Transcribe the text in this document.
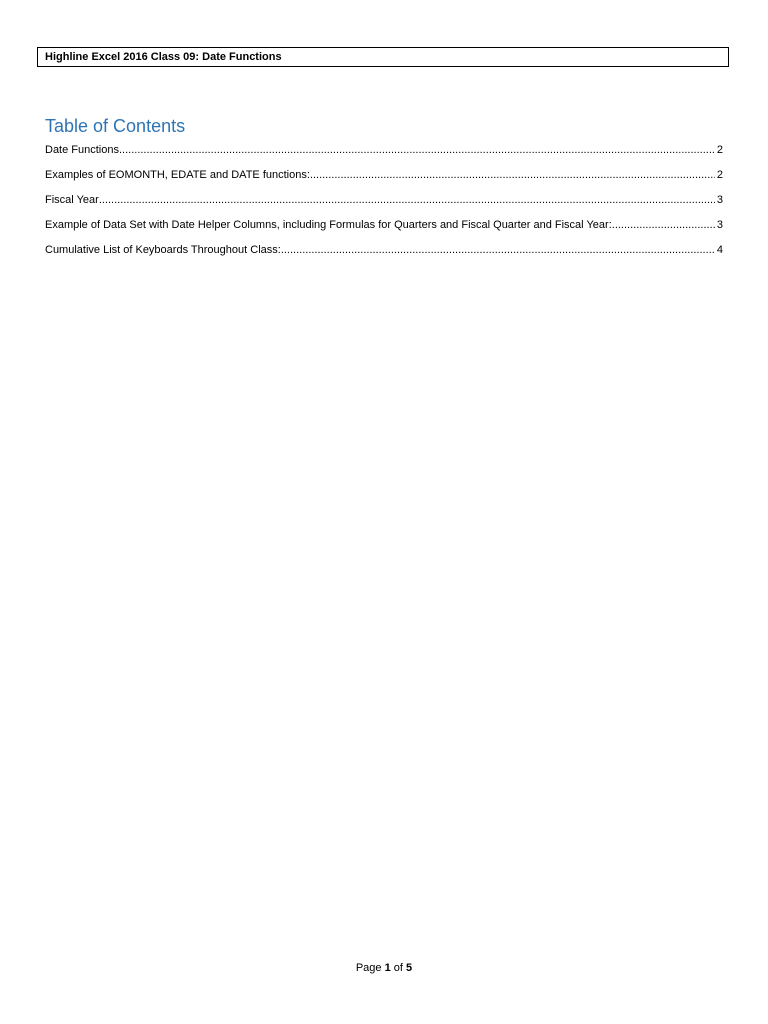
Highline Excel 2016 Class 09: Date Functions
Table of Contents
Date Functions .....	2
Examples of EOMONTH, EDATE and DATE functions: .....	2
Fiscal Year .....	3
Example of Data Set with Date Helper Columns, including Formulas for Quarters and Fiscal Quarter and Fiscal Year: .....	3
Cumulative List of Keyboards Throughout Class: .....	4
Page 1 of 5
